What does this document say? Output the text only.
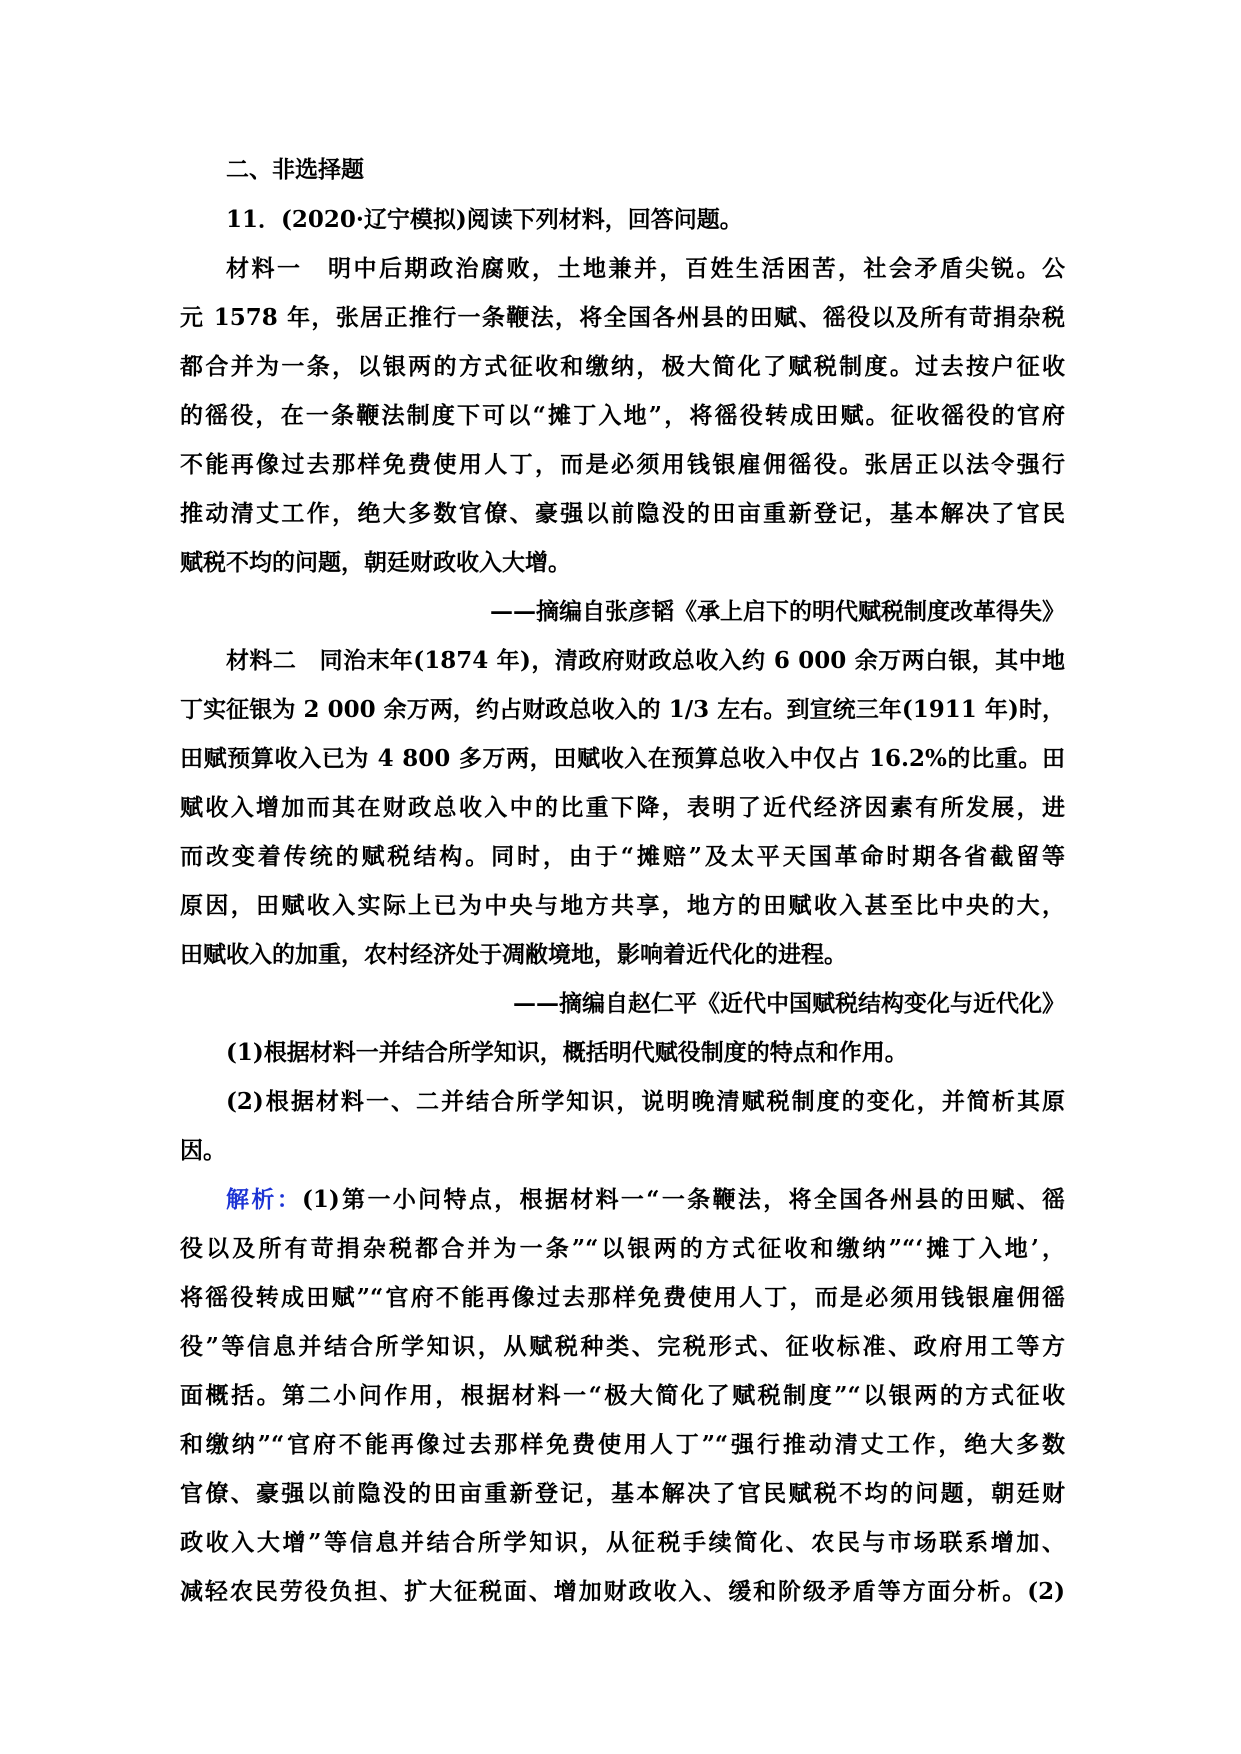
二、非选择题
11．(2020·辽宁模拟)阅读下列材料，回答问题。
材料一　明中后期政治腐败，土地兼并，百姓生活困苦，社会矛盾尖锐。公
元 1578 年，张居正推行一条鞭法，将全国各州县的田赋、徭役以及所有苛捐杂税
都合并为一条，以银两的方式征收和缴纳，极大简化了赋税制度。过去按户征收
的徭役，在一条鞭法制度下可以“摊丁入地”，将徭役转成田赋。征收徭役的官府
不能再像过去那样免费使用人丁，而是必须用钱银雇佣徭役。张居正以法令强行
推动清丈工作，绝大多数官僚、豪强以前隐没的田亩重新登记，基本解决了官民
赋税不均的问题，朝廷财政收入大增。
——摘编自张彦韬《承上启下的明代赋税制度改革得失》
材料二　同治末年(1874 年)，清政府财政总收入约 6 000 余万两白银，其中地
丁实征银为 2 000 余万两，约占财政总收入的 1/3 左右。到宣统三年(1911 年)时，
田赋预算收入已为 4 800 多万两，田赋收入在预算总收入中仅占 16.2%的比重。田
赋收入增加而其在财政总收入中的比重下降，表明了近代经济因素有所发展，进
而改变着传统的赋税结构。同时，由于“摊赔”及太平天国革命时期各省截留等
原因，田赋收入实际上已为中央与地方共享，地方的田赋收入甚至比中央的大，
田赋收入的加重，农村经济处于凋敝境地，影响着近代化的进程。
——摘编自赵仁平《近代中国赋税结构变化与近代化》
(1)根据材料一并结合所学知识，概括明代赋役制度的特点和作用。
(2)根据材料一、二并结合所学知识，说明晚清赋税制度的变化，并简析其原
因。
解析：(1)第一小问特点，根据材料一“一条鞭法，将全国各州县的田赋、徭
役以及所有苛捐杂税都合并为一条”“以银两的方式征收和缴纳”“‘摊丁入地’，
将徭役转成田赋”“官府不能再像过去那样免费使用人丁，而是必须用钱银雇佣徭
役”等信息并结合所学知识，从赋税种类、完税形式、征收标准、政府用工等方
面概括。第二小问作用，根据材料一“极大简化了赋税制度”“以银两的方式征收
和缴纳”“官府不能再像过去那样免费使用人丁”“强行推动清丈工作，绝大多数
官僚、豪强以前隐没的田亩重新登记，基本解决了官民赋税不均的问题，朝廷财
政收入大增”等信息并结合所学知识，从征税手续简化、农民与市场联系增加、
减轻农民劳役负担、扩大征税面、增加财政收入、缓和阶级矛盾等方面分析。(2)
